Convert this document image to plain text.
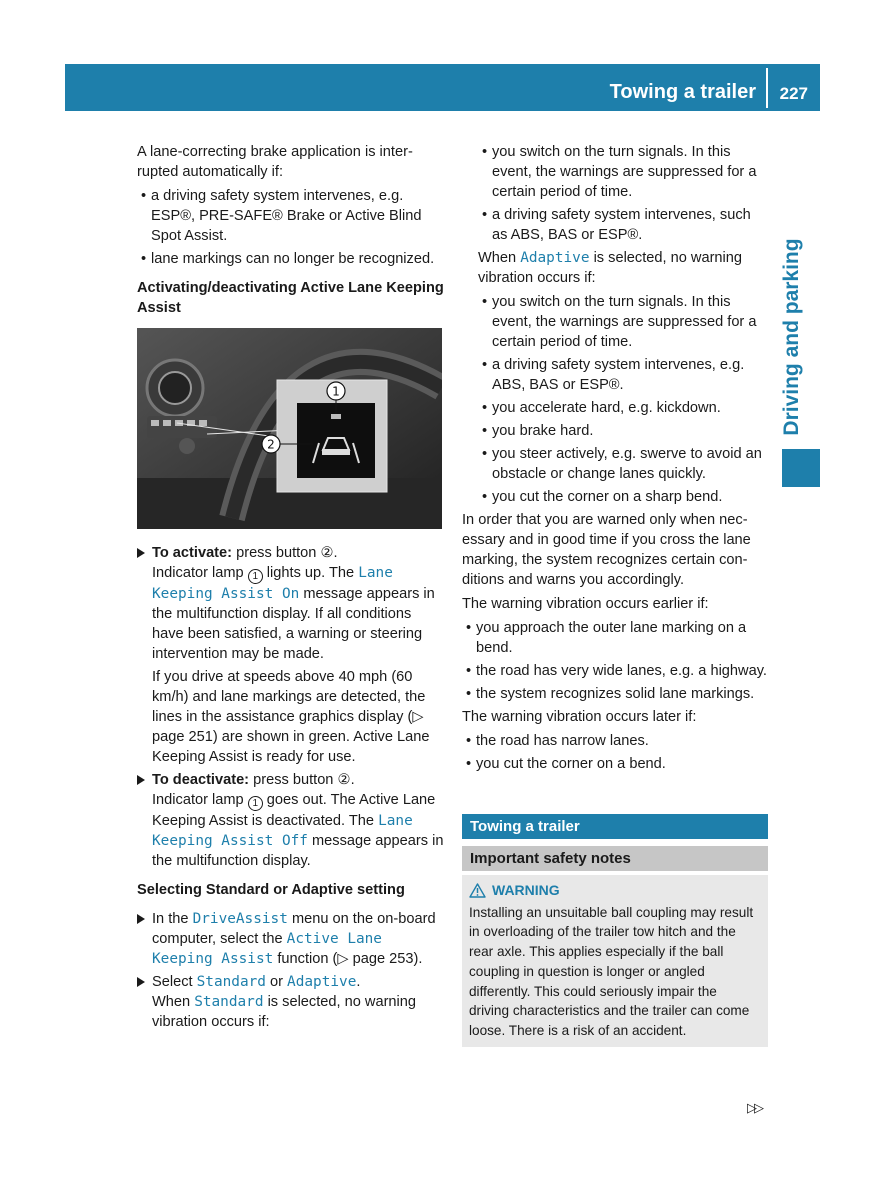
Towing a trailer 227
Driving and parking

A lane-correcting brake application is interrupted automatically if:

• a driving safety system intervenes, e.g. ESP®, PRE-SAFE® Brake or Active Blind Spot Assist.
• lane markings can no longer be recognized.
Activating/deactivating Active Lane Keeping Assist
1
2
To activate: press button ②.
Indicator lamp 1 lights up. The Lane Keeping Assist On message appears in the multifunction display. If all conditions have been satisfied, a warning or steering intervention may be made.
If you drive at speeds above 40 mph (60 km/h) and lane markings are detected, the lines in the assistance graphics display (▷ page 251) are shown in green. Active Lane Keeping Assist is ready for use.
To deactivate: press button ②.
Indicator lamp 1 goes out. The Active Lane Keeping Assist is deactivated. The Lane Keeping Assist Off message appears in the multifunction display.
Selecting Standard or Adaptive setting
In the DriveAssist menu on the on-board computer, select the Active Lane Keeping Assist function (▷ page 253).
Select Standard or Adaptive.
When Standard is selected, no warning vibration occurs if:
• you switch on the turn signals. In this event, the warnings are suppressed for a certain period of time.
• a driving safety system intervenes, such as ABS, BAS or ESP®.

When Adaptive is selected, no warning vibration occurs if:

• you switch on the turn signals. In this event, the warnings are suppressed for a certain period of time.
• a driving safety system intervenes, e.g. ABS, BAS or ESP®.
• you accelerate hard, e.g. kickdown.
• you brake hard.
• you steer actively, e.g. swerve to avoid an obstacle or change lanes quickly.
• you cut the corner on a sharp bend.

In order that you are warned only when necessary and in good time if you cross the lane marking, the system recognizes certain conditions and warns you accordingly.

The warning vibration occurs earlier if:

• you approach the outer lane marking on a bend.
• the road has very wide lanes, e.g. a highway.
• the system recognizes solid lane markings.

The warning vibration occurs later if:

• the road has narrow lanes.
• you cut the corner on a bend.
Towing a trailer
Important safety notes
WARNING
Installing an unsuitable ball coupling may result in overloading of the trailer tow hitch and the rear axle. This applies especially if the ball coupling in question is longer or angled differently. This could seriously impair the driving characteristics and the trailer can come loose. There is a risk of an accident.
▷▷
